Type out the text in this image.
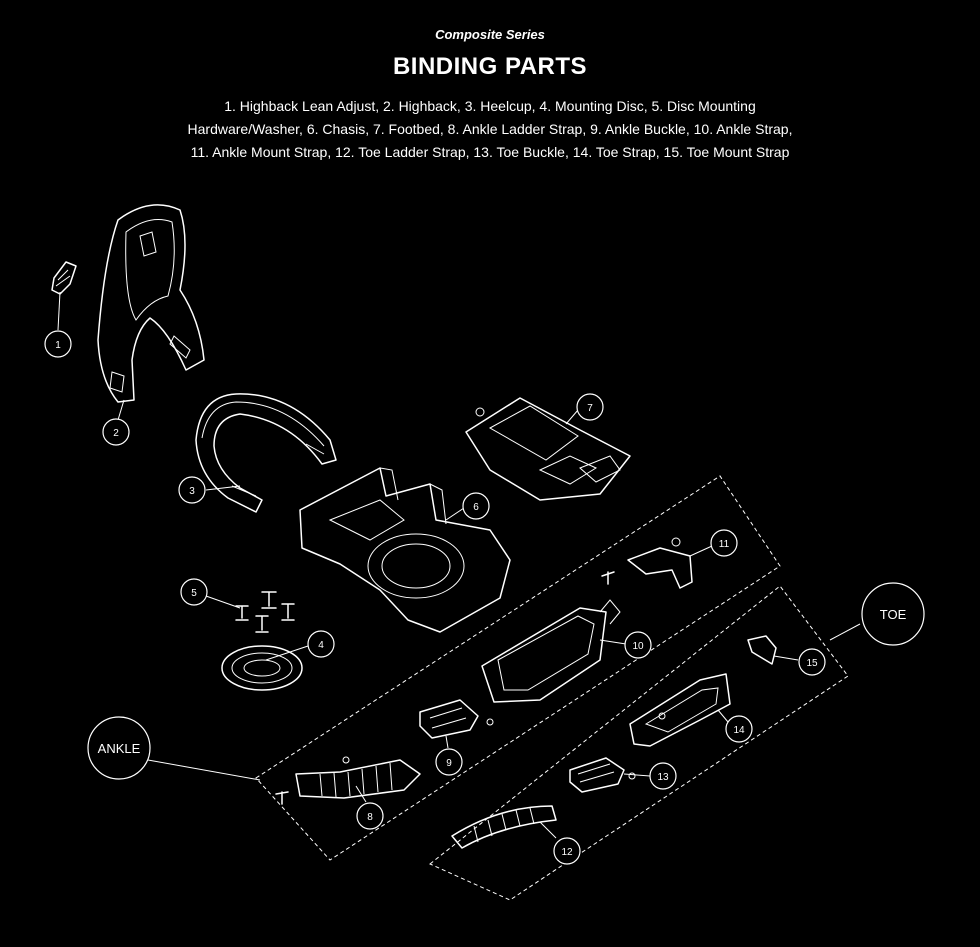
Composite Series
BINDING PARTS
1. Highback Lean Adjust, 2. Highback, 3. Heelcup, 4. Mounting Disc, 5. Disc Mounting
Hardware/Washer, 6. Chasis, 7. Footbed, 8. Ankle Ladder Strap, 9. Ankle Buckle, 10. Ankle Strap,
11. Ankle Mount Strap, 12. Toe Ladder Strap, 13. Toe Buckle, 14. Toe Strap, 15. Toe Mount Strap
1
2
3
4
5
6
7
8
9
10
11
12
13
14
15
ANKLE
TOE
